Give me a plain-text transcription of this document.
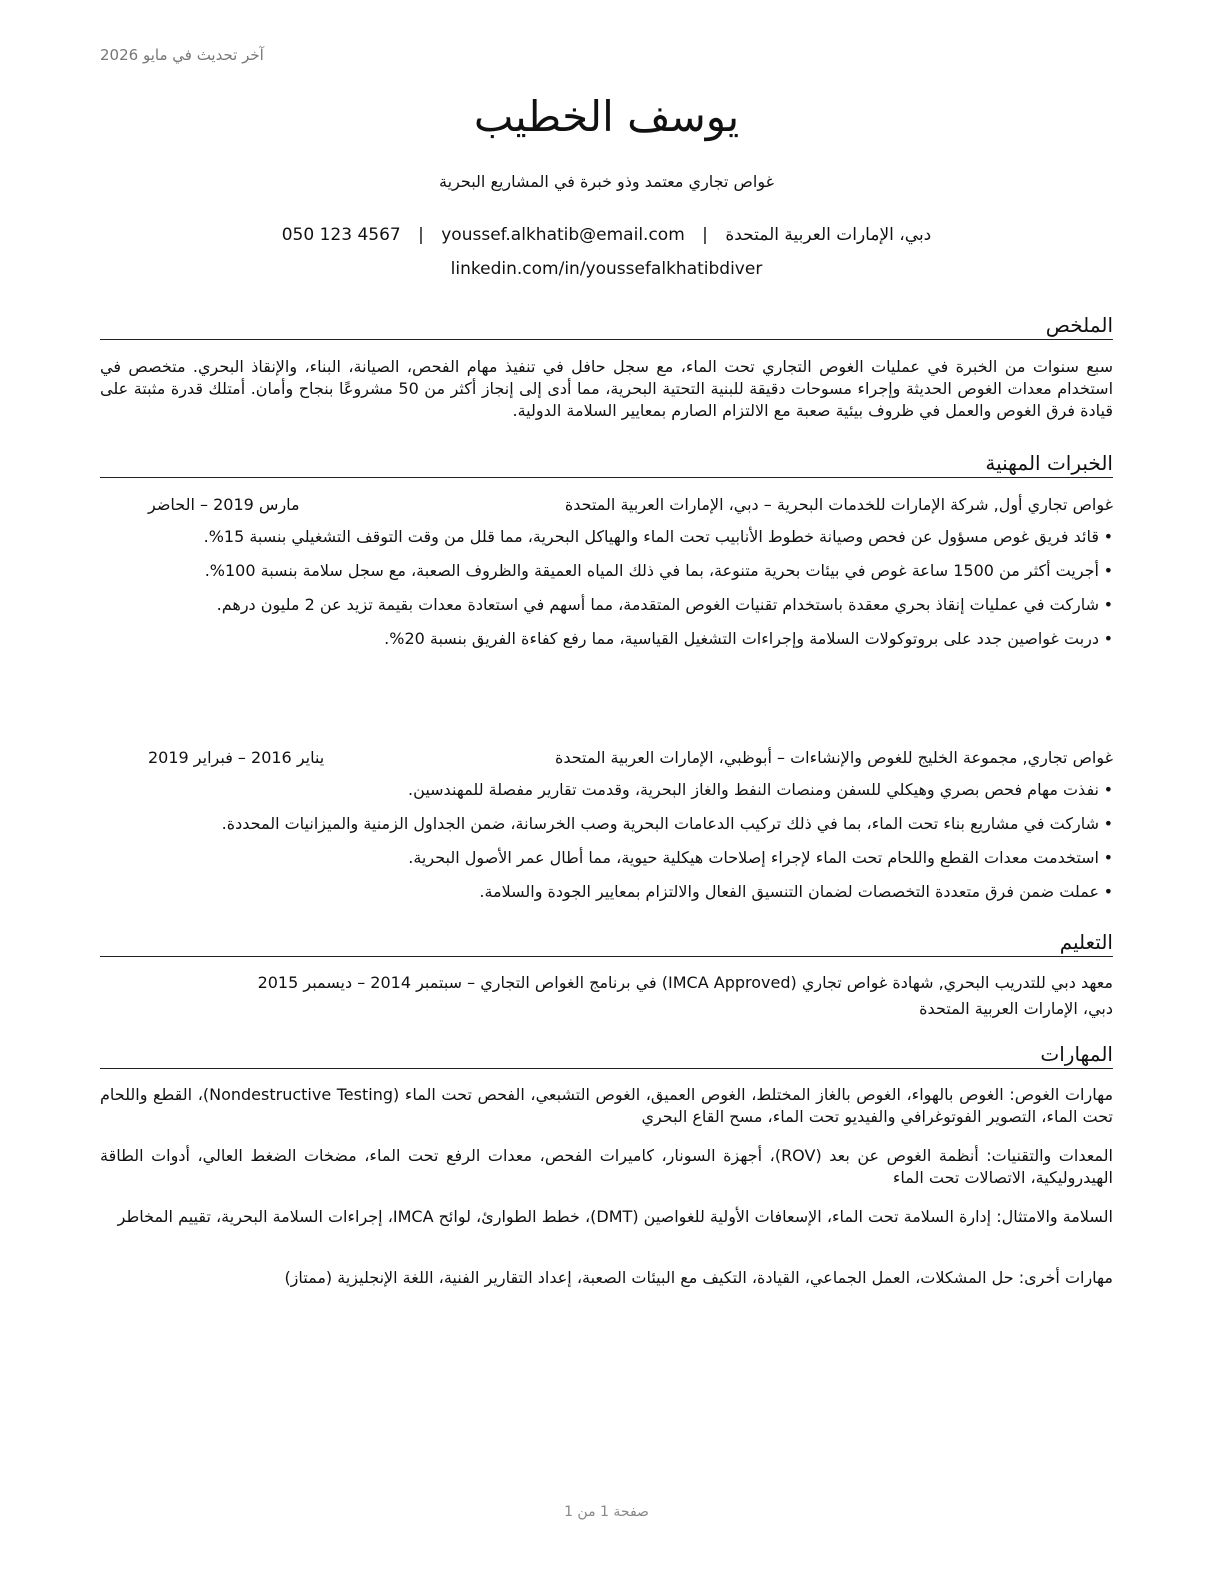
آخر تحديث في مايو 2026
يوسف الخطيب
غواص تجاري معتمد وذو خبرة في المشاريع البحرية
دبي، الإمارات العربية المتحدة | youssef.alkhatib@email.com | 050 123 4567
linkedin.com/in/youssefalkhatibdiver
الملخص

سبع سنوات من الخبرة في عمليات الغوص التجاري تحت الماء، مع سجل حافل في تنفيذ مهام الفحص، الصيانة، البناء، والإنقاذ البحري. متخصص في استخدام معدات الغوص الحديثة وإجراء مسوحات دقيقة للبنية التحتية البحرية، مما أدى إلى إنجاز أكثر من 50 مشروعًا بنجاح وأمان. أمتلك قدرة مثبتة على قيادة فرق الغوص والعمل في ظروف بيئية صعبة مع الالتزام الصارم بمعايير السلامة الدولية.

الخبرات المهنية
غواص تجاري أول, شركة الإمارات للخدمات البحرية – دبي، الإمارات العربية المتحدة
مارس 2019 – الحاضر
• قائد فريق غوص مسؤول عن فحص وصيانة خطوط الأنابيب تحت الماء والهياكل البحرية، مما قلل من وقت التوقف التشغيلي بنسبة 15%.
• أجريت أكثر من 1500 ساعة غوص في بيئات بحرية متنوعة، بما في ذلك المياه العميقة والظروف الصعبة، مع سجل سلامة بنسبة 100%.
• شاركت في عمليات إنقاذ بحري معقدة باستخدام تقنيات الغوص المتقدمة، مما أسهم في استعادة معدات بقيمة تزيد عن 2 مليون درهم.
• دربت غواصين جدد على بروتوكولات السلامة وإجراءات التشغيل القياسية، مما رفع كفاءة الفريق بنسبة 20%.
غواص تجاري, مجموعة الخليج للغوص والإنشاءات – أبوظبي، الإمارات العربية المتحدة
يناير 2016 – فبراير 2019
• نفذت مهام فحص بصري وهيكلي للسفن ومنصات النفط والغاز البحرية، وقدمت تقارير مفصلة للمهندسين.
• شاركت في مشاريع بناء تحت الماء، بما في ذلك تركيب الدعامات البحرية وصب الخرسانة، ضمن الجداول الزمنية والميزانيات المحددة.
• استخدمت معدات القطع واللحام تحت الماء لإجراء إصلاحات هيكلية حيوية، مما أطال عمر الأصول البحرية.
• عملت ضمن فرق متعددة التخصصات لضمان التنسيق الفعال والالتزام بمعايير الجودة والسلامة.
التعليم

معهد دبي للتدريب البحري, شهادة غواص تجاري (IMCA Approved) في برنامج الغواص التجاري – سبتمبر 2014 – ديسمبر 2015

دبي، الإمارات العربية المتحدة

المهارات

مهارات الغوص: الغوص بالهواء، الغوص بالغاز المختلط، الغوص العميق، الغوص التشبعي، الفحص تحت الماء (Nondestructive Testing)، القطع واللحام تحت الماء، التصوير الفوتوغرافي والفيديو تحت الماء، مسح القاع البحري

المعدات والتقنيات: أنظمة الغوص عن بعد (ROV)، أجهزة السونار، كاميرات الفحص، معدات الرفع تحت الماء، مضخات الضغط العالي، أدوات الطاقة الهيدروليكية، الاتصالات تحت الماء

السلامة والامتثال: إدارة السلامة تحت الماء، الإسعافات الأولية للغواصين (DMT)، خطط الطوارئ، لوائح IMCA، إجراءات السلامة البحرية، تقييم المخاطر

مهارات أخرى: حل المشكلات، العمل الجماعي، القيادة، التكيف مع البيئات الصعبة، إعداد التقارير الفنية، اللغة الإنجليزية (ممتاز)

صفحة 1 من 1
